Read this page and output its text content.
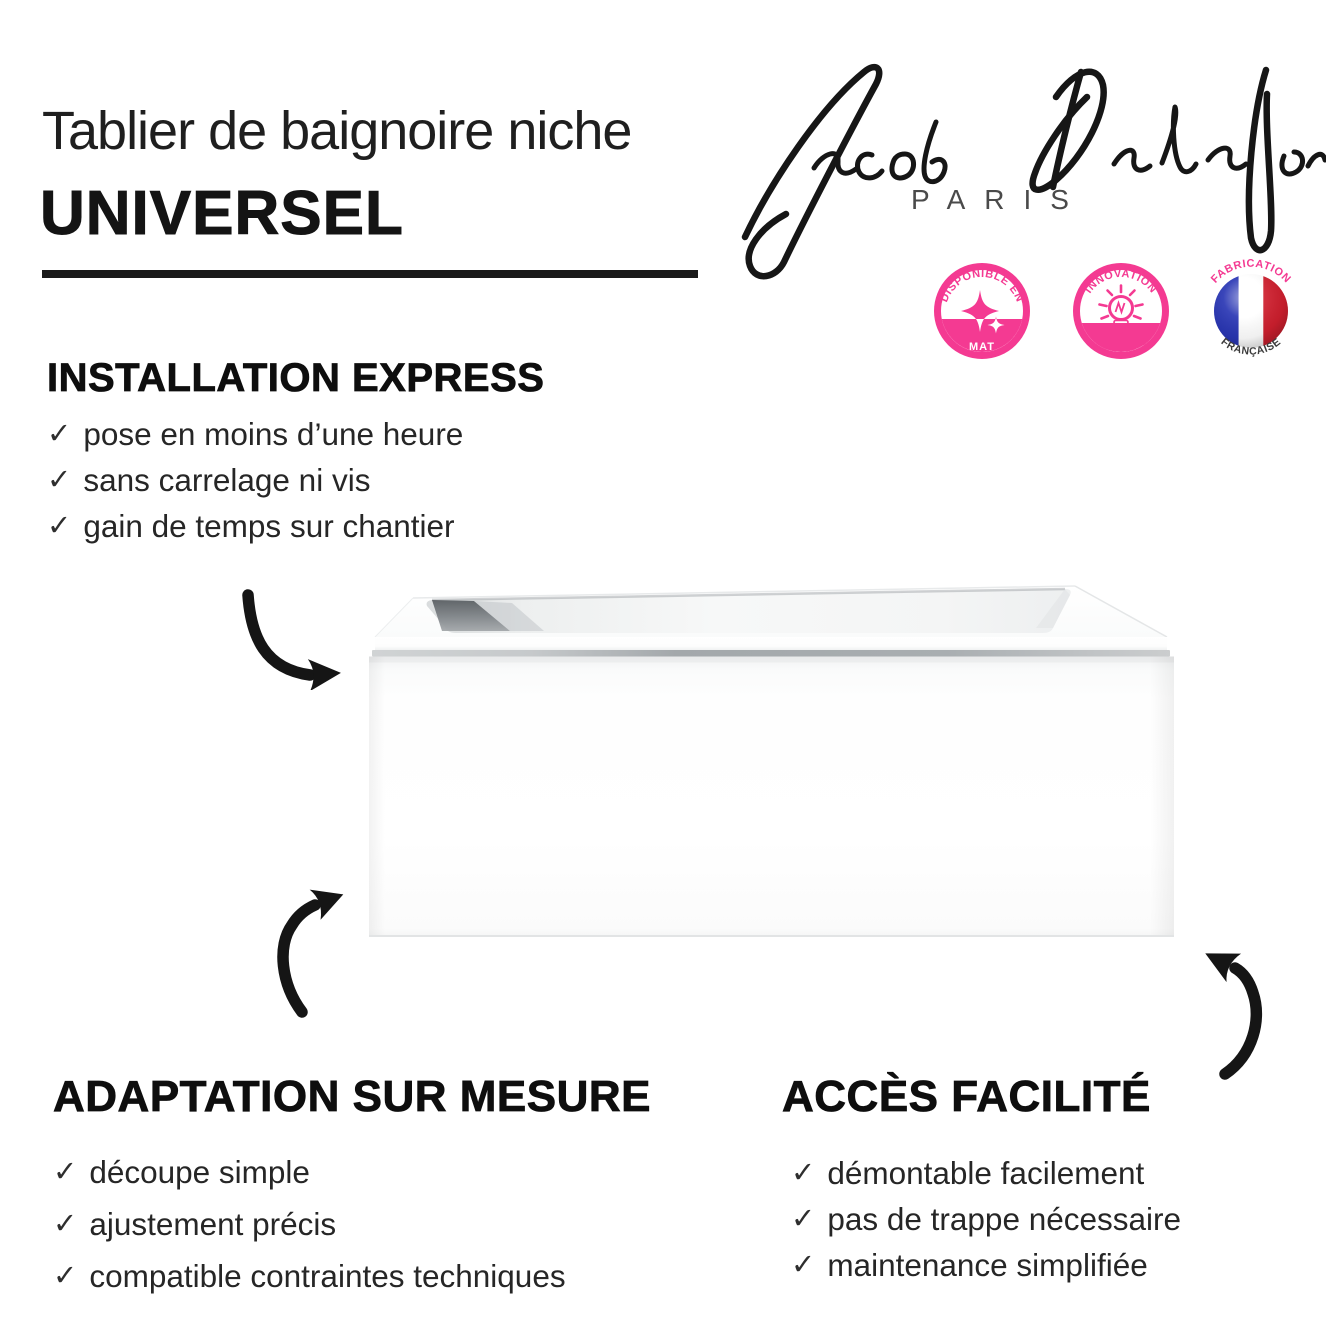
Tablier de baignoire niche
UNIVERSEL	PARIS
DISPONIBLE EN
MAT
INNOVATION
FABRICATION
FRANÇAISE
INSTALLATION EXPRESS
✓ pose en moins d’une heure
✓ sans carrelage ni vis
✓ gain de temps sur chantier
ADAPTATION SUR MESURE
✓ découpe simple
✓ ajustement précis
✓ compatible contraintes techniques
ACCÈS FACILITÉ
✓ démontable facilement
✓ pas de trappe nécessaire
✓ maintenance simplifiée
